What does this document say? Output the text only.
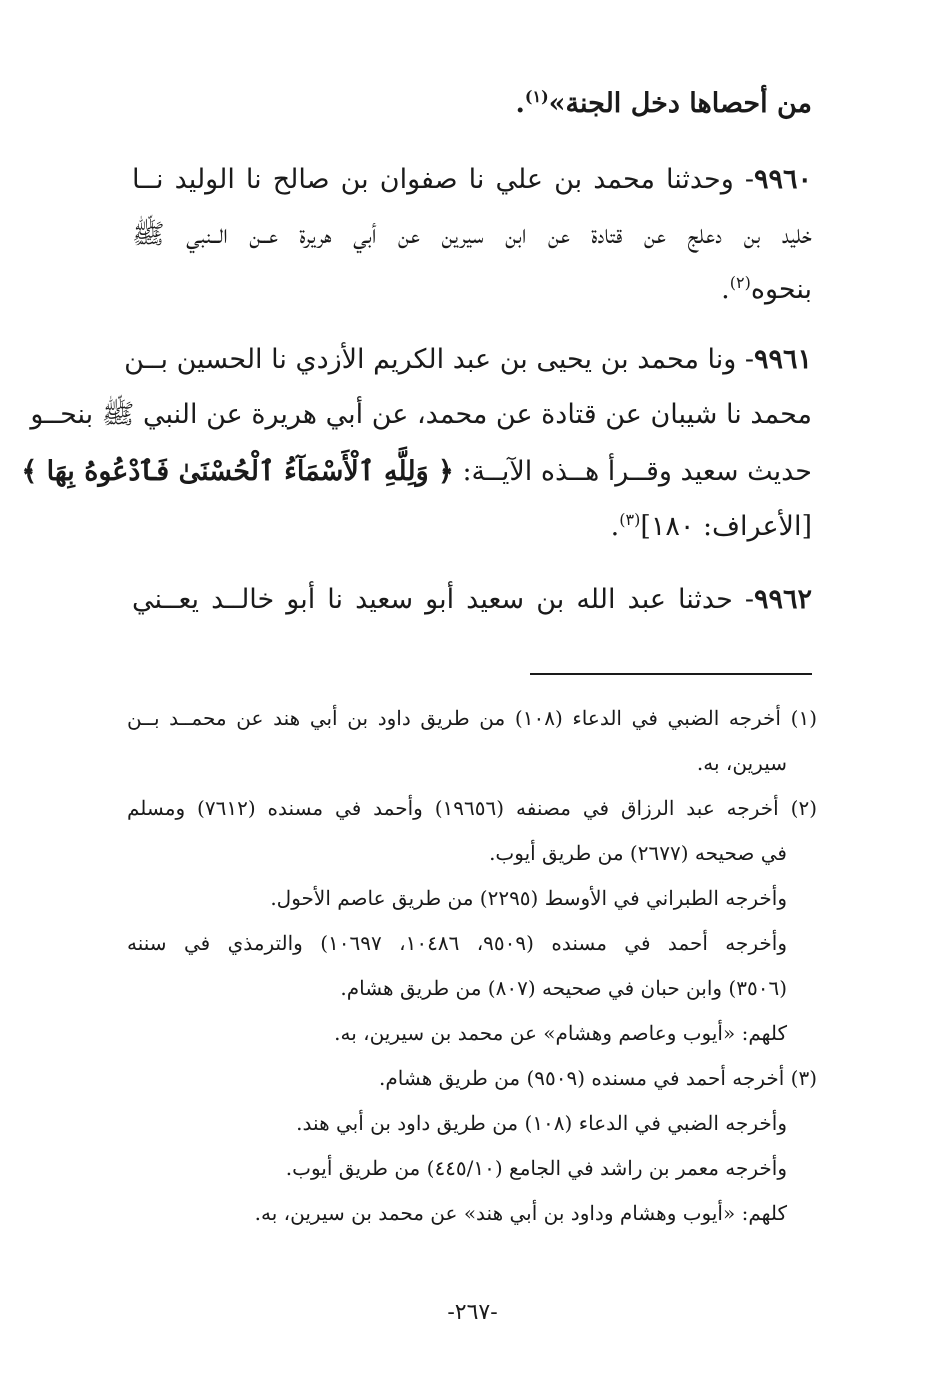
من أحصاها دخل الجنة»$^{(١)}$.
٩٩٦٠- وحدثنا محمد بن علي نا صفوان بن صالح نا الوليد نــا
خليد بن دعلج عن قتادة عن ابن سيرين عن أبي هريرة عــن الــنبي ﷺ
بنحوه$^{(٢)}$.
٩٩٦١- ونا محمد بن يحيى بن عبد الكريم الأزدي نا الحسين بــن
محمد نا شيبان عن قتادة عن محمد، عن أبي هريرة عن النبي ﷺ بنحــو
حديث سعيد وقــرأ هــذه الآيــة: ﴿ وَلِلَّهِ ٱلْأَسْمَآءُ ٱلْحُسْنَىٰ فَٱدْعُوهُ بِهَا ﴾
[الأعراف: ١٨٠]$^{(٣)}$.
٩٩٦٢- حدثنا عبد الله بن سعيد أبو سعيد نا أبو خالــد يعــني
(١) أخرجه الضبي في الدعاء (١٠٨) من طريق داود بن أبي هند عن محمــد بــن
سيرين، به.
(٢) أخرجه عبد الرزاق في مصنفه (١٩٦٥٦) وأحمد في مسنده (٧٦١٢) ومسلم
في صحيحه (٢٦٧٧) من طريق أيوب.
وأخرجه الطبراني في الأوسط (٢٢٩٥) من طريق عاصم الأحول.
وأخرجه أحمد في مسنده (٩٥٠٩، ١٠٤٨٦، ١٠٦٩٧) والترمذي في سننه
(٣٥٠٦) وابن حبان في صحيحه (٨٠٧) من طريق هشام.
كلهم: «أيوب وعاصم وهشام» عن محمد بن سيرين، به.
(٣) أخرجه أحمد في مسنده (٩٥٠٩) من طريق هشام.
وأخرجه الضبي في الدعاء (١٠٨) من طريق داود بن أبي هند.
وأخرجه معمر بن راشد في الجامع (٤٤٥/١٠) من طريق أيوب.
كلهم: «أيوب وهشام وداود بن أبي هند» عن محمد بن سيرين، به.
-٢٦٧-
